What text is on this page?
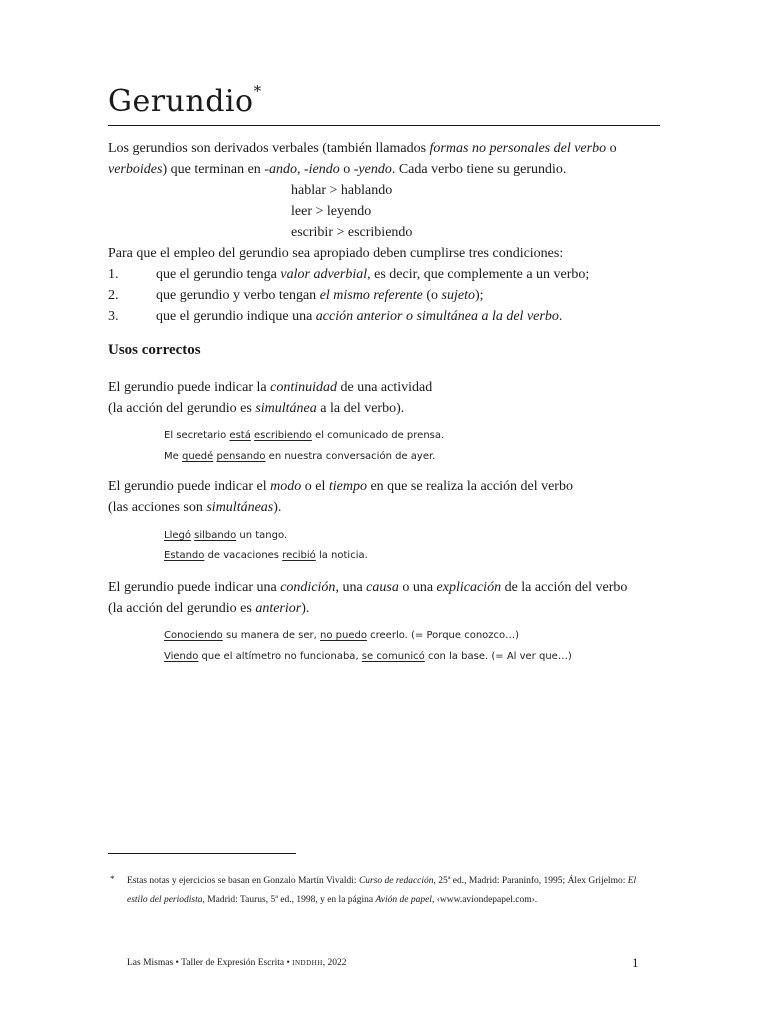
Gerundio*
Los gerundios son derivados verbales (también llamados formas no personales del verbo o verboides) que terminan en -ando, -iendo o -yendo. Cada verbo tiene su gerundio.
hablar > hablando
leer > leyendo
escribir > escribiendo
Para que el empleo del gerundio sea apropiado deben cumplirse tres condiciones:
1.	que el gerundio tenga valor adverbial, es decir, que complemente a un verbo;
2.	que gerundio y verbo tengan el mismo referente (o sujeto);
3.	que el gerundio indique una acción anterior o simultánea a la del verbo.
Usos correctos
El gerundio puede indicar la continuidad de una actividad
(la acción del gerundio es simultánea a la del verbo).
El secretario está escribiendo el comunicado de prensa.
Me quedé pensando en nuestra conversación de ayer.
El gerundio puede indicar el modo o el tiempo en que se realiza la acción del verbo
(las acciones son simultáneas).
Llegó silbando un tango.
Estando de vacaciones recibió la noticia.
El gerundio puede indicar una condición, una causa o una explicación de la acción del verbo
(la acción del gerundio es anterior).
Conociendo su manera de ser, no puedo creerlo. (= Porque conozco…)
Viendo que el altímetro no funcionaba, se comunicó con la base. (= Al ver que…)
* Estas notas y ejercicios se basan en Gonzalo Martín Vivaldi: Curso de redacción, 25ª ed., Madrid: Paraninfo, 1995; Álex Grijelmo: El estilo del periodista, Madrid: Taurus, 5ª ed., 1998, y en la página Avión de papel, ‹www.aviondepapel.com›.
Las Mismas • Taller de Expresión Escrita • INDDHH, 2022	1
